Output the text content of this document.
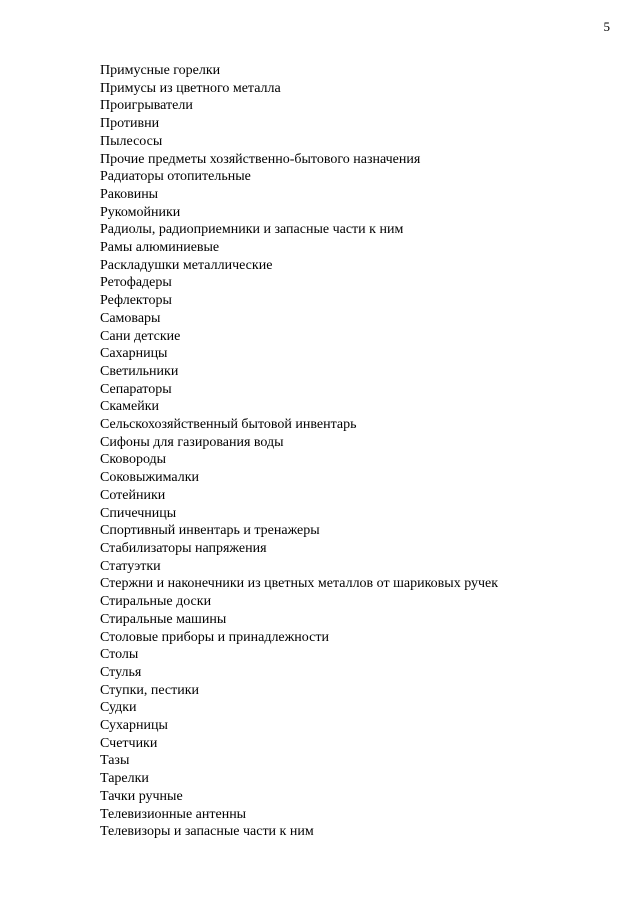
5
Примусные горелки
Примусы из цветного металла
Проигрыватели
Противни
Пылесосы
Прочие предметы хозяйственно-бытового назначения
Радиаторы отопительные
Раковины
Рукомойники
Радиолы, радиоприемники и запасные части к ним
Рамы алюминиевые
Раскладушки металлические
Ретофадеры
Рефлекторы
Самовары
Сани детские
Сахарницы
Светильники
Сепараторы
Скамейки
Сельскохозяйственный бытовой инвентарь
Сифоны для газирования воды
Сковороды
Соковыжималки
Сотейники
Спичечницы
Спортивный инвентарь и тренажеры
Стабилизаторы напряжения
Статуэтки
Стержни и наконечники из цветных металлов от шариковых ручек
Стиральные доски
Стиральные машины
Столовые приборы и принадлежности
Столы
Стулья
Ступки, пестики
Судки
Сухарницы
Счетчики
Тазы
Тарелки
Тачки ручные
Телевизионные антенны
Телевизоры и запасные части к ним
